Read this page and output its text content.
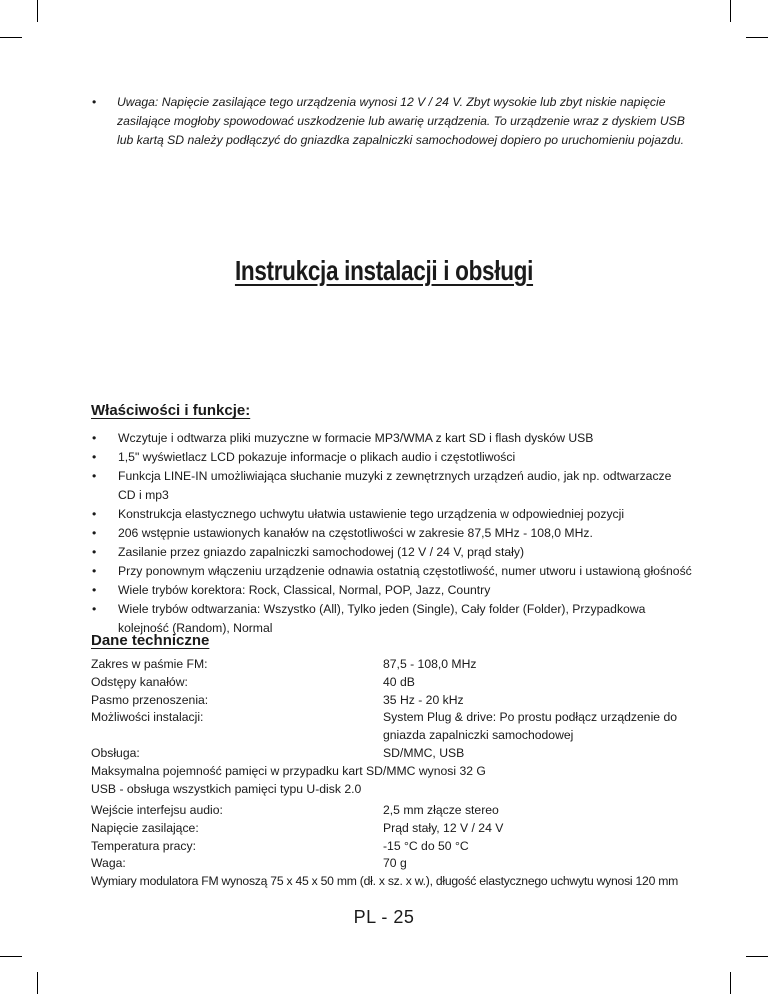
• Uwaga: Napięcie zasilające tego urządzenia wynosi 12 V / 24 V. Zbyt wysokie lub zbyt niskie napięcie zasilające mogłoby spowodować uszkodzenie lub awarię urządzenia. To urządzenie wraz z dyskiem USB lub kartą SD należy podłączyć do gniazdka zapalniczki samochodowej dopiero po uruchomieniu pojazdu.
Instrukcja instalacji i obsługi
Właściwości i funkcje:
• Wczytuje i odtwarza pliki muzyczne w formacie MP3/WMA z kart SD i flash dysków USB
• 1,5" wyświetlacz LCD pokazuje informacje o plikach audio i częstotliwości
• Funkcja LINE-IN umożliwiająca słuchanie muzyki z zewnętrznych urządzeń audio, jak np. odtwarzacze CD i mp3
• Konstrukcja elastycznego uchwytu ułatwia ustawienie tego urządzenia w odpowiedniej pozycji
• 206 wstępnie ustawionych kanałów na częstotliwości w zakresie 87,5 MHz - 108,0 MHz.
• Zasilanie przez gniazdo zapalniczki samochodowej (12 V / 24 V, prąd stały)
• Przy ponownym włączeniu urządzenie odnawia ostatnią częstotliwość, numer utworu i ustawioną głośność
• Wiele trybów korektora: Rock, Classical, Normal, POP, Jazz, Country
• Wiele trybów odtwarzania: Wszystko (All), Tylko jeden (Single), Cały folder (Folder), Przypadkowa kolejność (Random), Normal
Dane techniczne
Zakres w paśmie FM:	87,5 - 108,0 MHz
Odstępy kanałów:	40 dB
Pasmo przenoszenia:	35 Hz - 20 kHz
Możliwości instalacji:	System Plug & drive: Po prostu podłącz urządzenie do gniazda zapalniczki samochodowej
Obsługa:	SD/MMC, USB
Maksymalna pojemność pamięci w przypadku kart SD/MMC wynosi 32 G
USB - obsługa wszystkich pamięci typu U-disk 2.0
Wejście interfejsu audio:	2,5 mm złącze stereo
Napięcie zasilające:	Prąd stały, 12 V / 24 V
Temperatura pracy:	-15 °C do 50 °C
Waga:	70 g
Wymiary modulatora FM wynoszą 75 x 45 x 50 mm (dł. x sz. x w.), długość elastycznego uchwytu wynosi 120 mm
PL - 25
